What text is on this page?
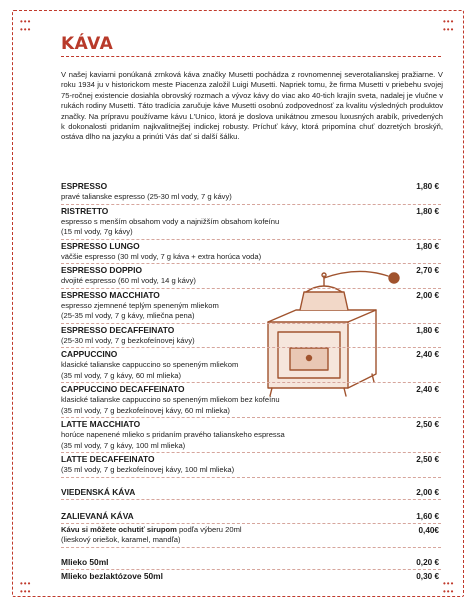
•••
•••
•••
•••
•••
•••
•••
•••
KÁVA
V našej kaviarni ponúkaná zrnková káva značky Musetti pochádza z rovnomennej severotalianskej pražiarne. V roku 1934 ju v historickom meste Piacenza založil Luigi Musetti. Napriek tomu, že firma Musetti v priebehu svojej 75-ročnej existencie dosiahla obrovský rozmach a vývoz kávy do viac ako 40-tich krajín sveta, nadalej je vlučne v rukách rodiny Musetti. Táto tradícia zaručuje káve Musetti osobnú zodpovednosť za kvalitu výsledných produktov značky. Na prípravu používame kávu L'Unico, ktorá je doslova unikátnou zmesou luxusných arabík, privedených k dokonalosti pridaním najkvalitnejšej indickej robusty. Príchuť kávy, ktorá pripomína chuť dozretých broskýň, ostáva dlho na jazyku a prinúti Vás dať si další šálku.
ESPRESSO	1,80 €
pravé talianske espresso (25-30 ml vody, 7 g kávy)
RISTRETTO	1,80 €
espresso s menším obsahom vody a najnižším obsahom kofeínu
(15 ml vody, 7g kávy)
ESPRESSO LUNGO	1,80 €
väčšie espresso (30 ml vody, 7 g káva + extra horúca voda)
ESPRESSO DOPPIO	2,70 €
dvojité espresso (60 ml vody, 14 g kávy)
ESPRESSO MACCHIATO	2,00 €
espresso zjemnené teplým speneným mliekom
(25-35 ml vody, 7 g kávy, mliečna pena)
ESPRESSO DECAFFEINATO	1,80 €
(25-30 ml vody, 7 g bezkofeínovej kávy)
CAPPUCCINO	2,40 €
klasické talianske cappuccino so speneným mliekom
(35 ml vody, 7 g kávy, 60 ml mlieka)
CAPPUCCINO DECAFFEINATO	2,40 €
klasické talianske cappuccino so speneným mliekom bez kofeínu
(35 ml vody, 7 g bezkofeínovej kávy, 60 ml mlieka)
LATTE MACCHIATO	2,50 €
horúce napenené mlieko s pridaním pravého talianskeho espressa
(35 ml vody, 7 g kávy, 100 ml mlieka)
LATTE DECAFFEINATO	2,50 €
(35 ml vody, 7 g bezkofeínovej kávy, 100 ml mlieka)
VIEDENSKÁ KÁVA	2,00 €
ZALIEVANÁ KÁVA	1,60 €
Kávu si môžete ochutiť sirupom podľa výberu 20ml	0,40€
(lieskový oriešok, karamel, mandľa)
Mlieko 50ml	0,20 €
Mlieko bezlaktózove 50ml	0,30 €
